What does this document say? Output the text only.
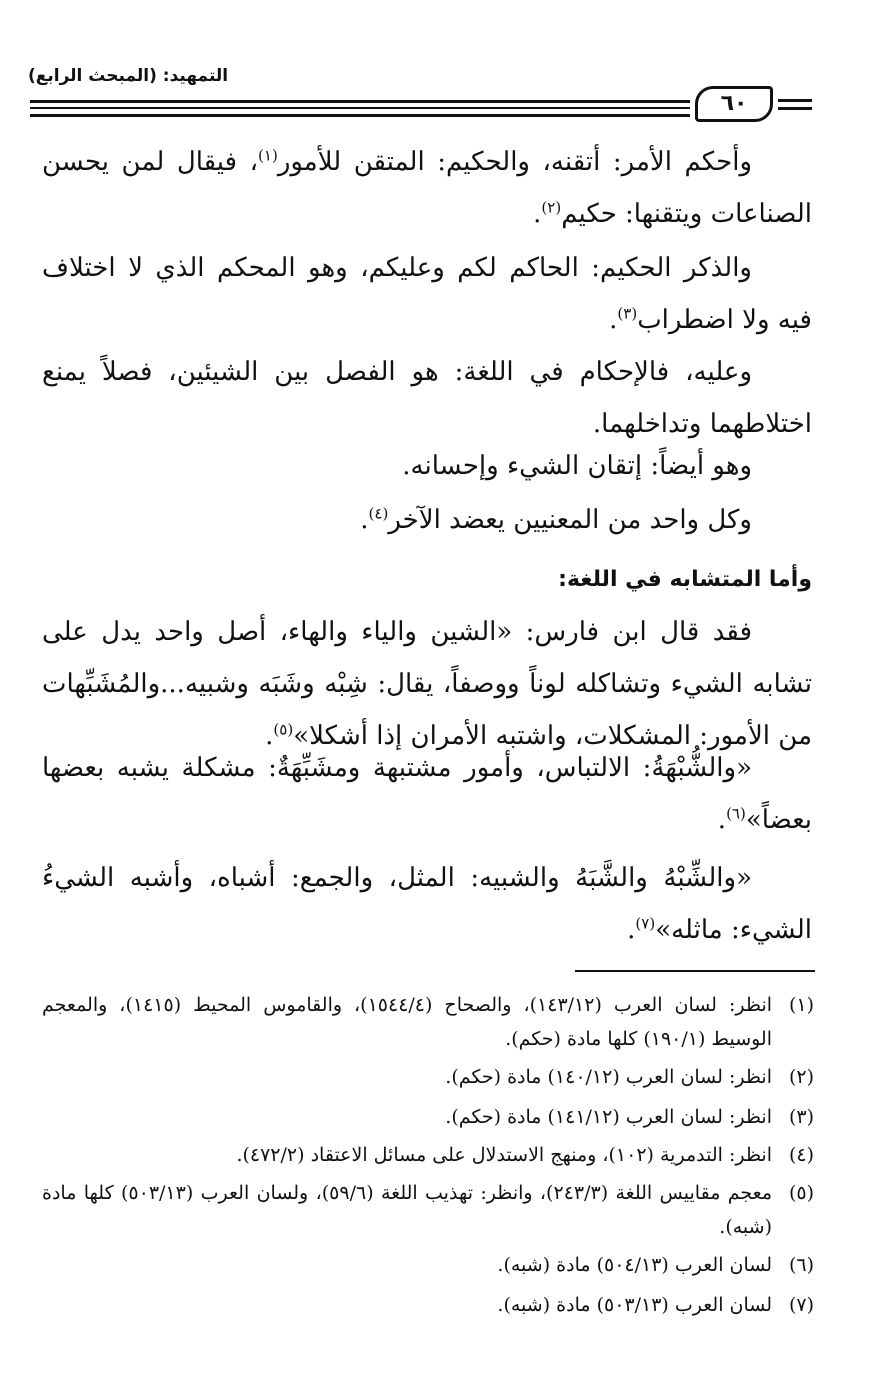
التمهيد: (المبحث الرابع)
٦٠
وأحكم الأمر: أتقنه، والحكيم: المتقن للأمور$^{(١)}$، فيقال لمن يحسن الصناعات ويتقنها: حكيم$^{(٢)}$.
والذكر الحكيم: الحاكم لكم وعليكم، وهو المحكم الذي لا اختلاف فيه ولا اضطراب$^{(٣)}$.
وعليه، فالإحكام في اللغة: هو الفصل بين الشيئين، فصلاً يمنع اختلاطهما وتداخلهما.
وهو أيضاً: إتقان الشيء وإحسانه.
وكل واحد من المعنيين يعضد الآخر$^{(٤)}$.
وأما المتشابه في اللغة:
فقد قال ابن فارس: «الشين والياء والهاء، أصل واحد يدل على تشابه الشيء وتشاكله لوناً ووصفاً، يقال: شِبْه وشَبَه وشبيه...والمُشَبِّهات من الأمور: المشكلات، واشتبه الأمران إذا أشكلا»$^{(٥)}$.
«والشُّبْهَةُ: الالتباس، وأمور مشتبهة ومشَبِّهَةٌ: مشكلة يشبه بعضها بعضاً»$^{(٦)}$.
«والشِّبْهُ والشَّبَهُ والشبيه: المثل، والجمع: أشباه، وأشبه الشيءُ الشيء: ماثله»$^{(٧)}$.
(١)
انظر: لسان العرب (١٤٣/١٢)، والصحاح (١٥٤٤/٤)، والقاموس المحيط (١٤١٥)، والمعجم الوسيط (١٩٠/١) كلها مادة (حكم).
(٢)
انظر: لسان العرب (١٤٠/١٢) مادة (حكم).
(٣)
انظر: لسان العرب (١٤١/١٢) مادة (حكم).
(٤)
انظر: التدمرية (١٠٢)، ومنهج الاستدلال على مسائل الاعتقاد (٤٧٢/٢).
(٥)
معجم مقاييس اللغة (٢٤٣/٣)، وانظر: تهذيب اللغة (٥٩/٦)، ولسان العرب (٥٠٣/١٣) كلها مادة (شبه).
(٦)
لسان العرب (٥٠٤/١٣) مادة (شبه).
(٧)
لسان العرب (٥٠٣/١٣) مادة (شبه).
